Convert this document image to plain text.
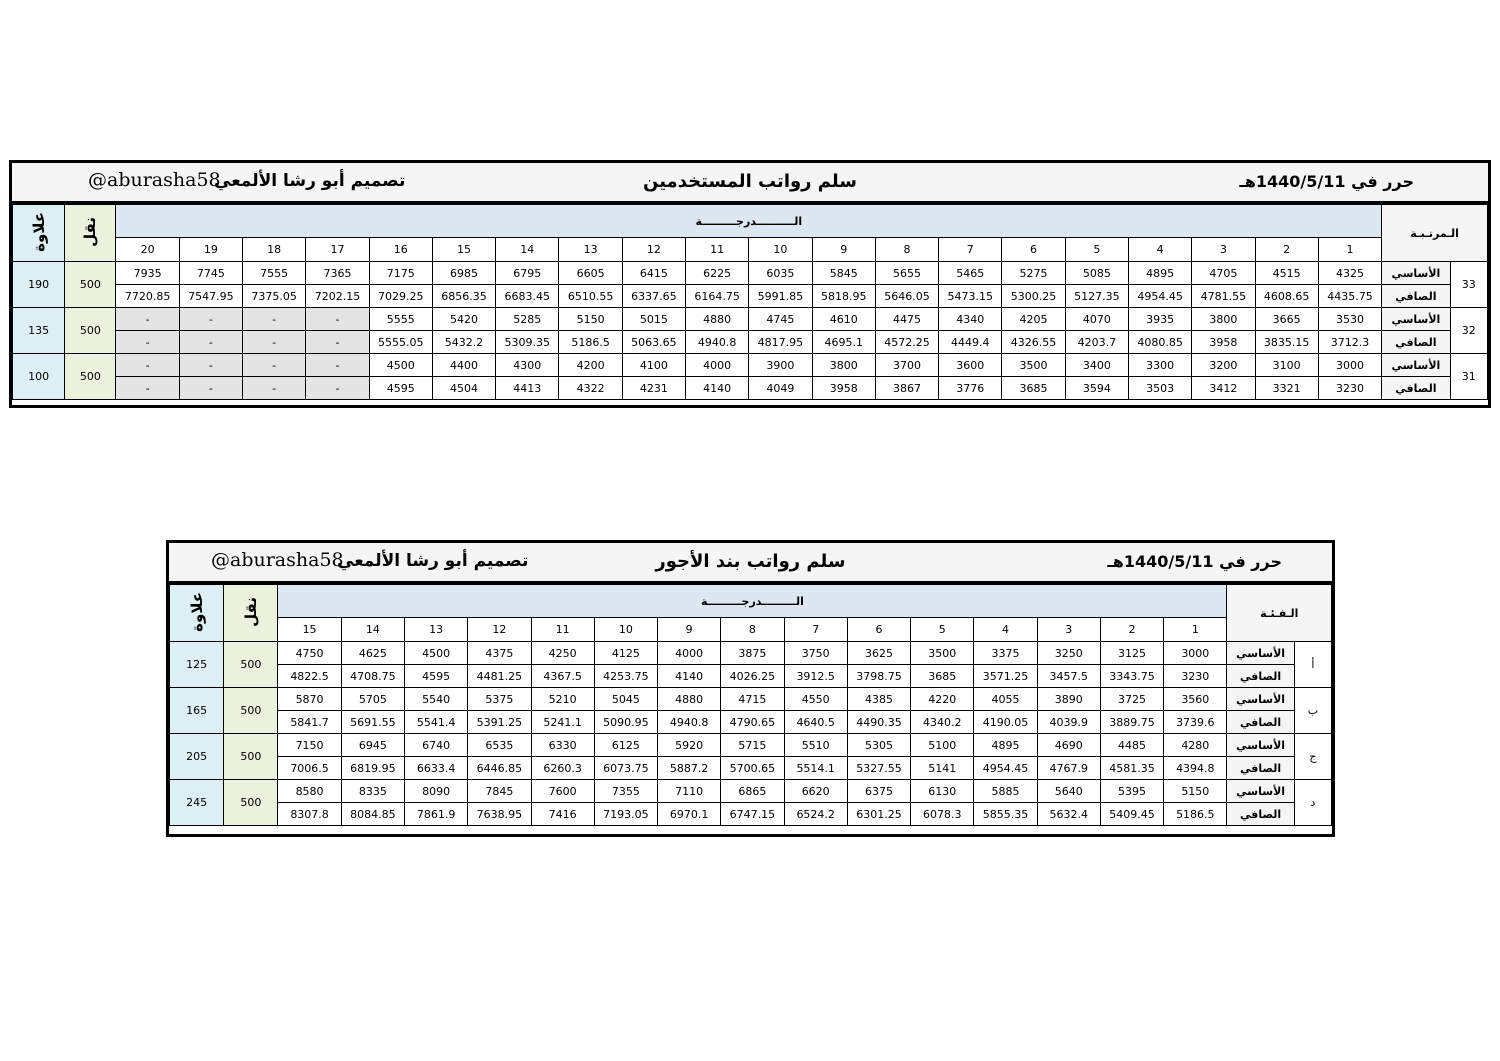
@aburasha58
تصميم أبو رشا الألمعي	سلم رواتب المستخدمين	حرر في 1440/5/11هـ
علاوة	نقل	الــــــــــدرجـــــــــة																				الـمرتـبـة	
		20	19	18	17	16	15	14	13	12	11	10	9	8	7	6	5	4	3	2	1		
190	500	7935	7745	7555	7365	7175	6985	6795	6605	6415	6225	6035	5845	5655	5465	5275	5085	4895	4705	4515	4325	الأساسي	33
		7720.85	7547.95	7375.05	7202.15	7029.25	6856.35	6683.45	6510.55	6337.65	6164.75	5991.85	5818.95	5646.05	5473.15	5300.25	5127.35	4954.45	4781.55	4608.65	4435.75	الصافي	
135	500	-	-	-	-	5555	5420	5285	5150	5015	4880	4745	4610	4475	4340	4205	4070	3935	3800	3665	3530	الأساسي	32
		-	-	-	-	5555.05	5432.2	5309.35	5186.5	5063.65	4940.8	4817.95	4695.1	4572.25	4449.4	4326.55	4203.7	4080.85	3958	3835.15	3712.3	الصافي	
100	500	-	-	-	-	4500	4400	4300	4200	4100	4000	3900	3800	3700	3600	3500	3400	3300	3200	3100	3000	الأساسي	31
		-	-	-	-	4595	4504	4413	4322	4231	4140	4049	3958	3867	3776	3685	3594	3503	3412	3321	3230	الصافي	
@aburasha58
تصميم أبو رشا الألمعي	سلم رواتب بند الأجور	حرر في 1440/5/11هـ
علاوة	نقل	الـــــــــدرجـــــــــة															الـفـئـة	
		15	14	13	12	11	10	9	8	7	6	5	4	3	2	1		
125	500	4750	4625	4500	4375	4250	4125	4000	3875	3750	3625	3500	3375	3250	3125	3000	الأساسي	أ
		4822.5	4708.75	4595	4481.25	4367.5	4253.75	4140	4026.25	3912.5	3798.75	3685	3571.25	3457.5	3343.75	3230	الصافي	
165	500	5870	5705	5540	5375	5210	5045	4880	4715	4550	4385	4220	4055	3890	3725	3560	الأساسي	ب
		5841.7	5691.55	5541.4	5391.25	5241.1	5090.95	4940.8	4790.65	4640.5	4490.35	4340.2	4190.05	4039.9	3889.75	3739.6	الصافي	
205	500	7150	6945	6740	6535	6330	6125	5920	5715	5510	5305	5100	4895	4690	4485	4280	الأساسي	ج
		7006.5	6819.95	6633.4	6446.85	6260.3	6073.75	5887.2	5700.65	5514.1	5327.55	5141	4954.45	4767.9	4581.35	4394.8	الصافي	
245	500	8580	8335	8090	7845	7600	7355	7110	6865	6620	6375	6130	5885	5640	5395	5150	الأساسي	د
		8307.8	8084.85	7861.9	7638.95	7416	7193.05	6970.1	6747.15	6524.2	6301.25	6078.3	5855.35	5632.4	5409.45	5186.5	الصافي	
